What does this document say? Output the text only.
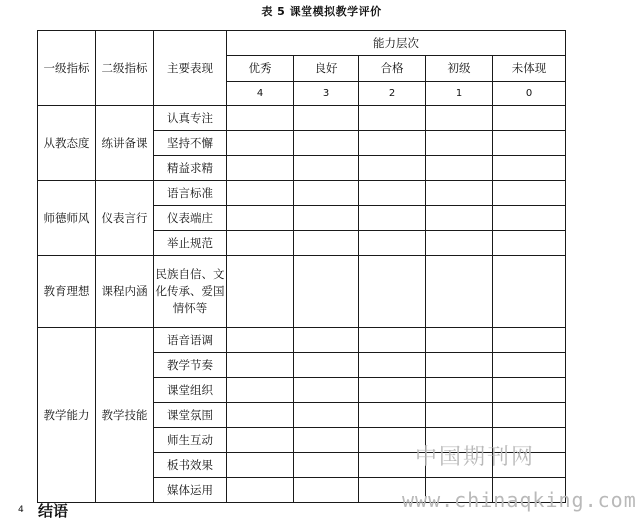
表 5 课堂模拟教学评价
一级指标	二级指标	主要表现	能力层次				
			优秀	良好	合格	初级	未体现
			4	3	2	1	0
从教态度	练讲备课	认真专注					
		坚持不懈					
		精益求精					
师德师风	仪表言行	语言标准					
		仪表端庄					
		举止规范					
教育理想	课程内涵	民族自信、文化传承、爱国情怀等					
教学能力	教学技能	语音语调					
		教学节奏					
		课堂组织					
		课堂氛围					
		师生互动					
		板书效果					
		媒体运用					
中国期刊网
www.chinaqking.com
4 结语
